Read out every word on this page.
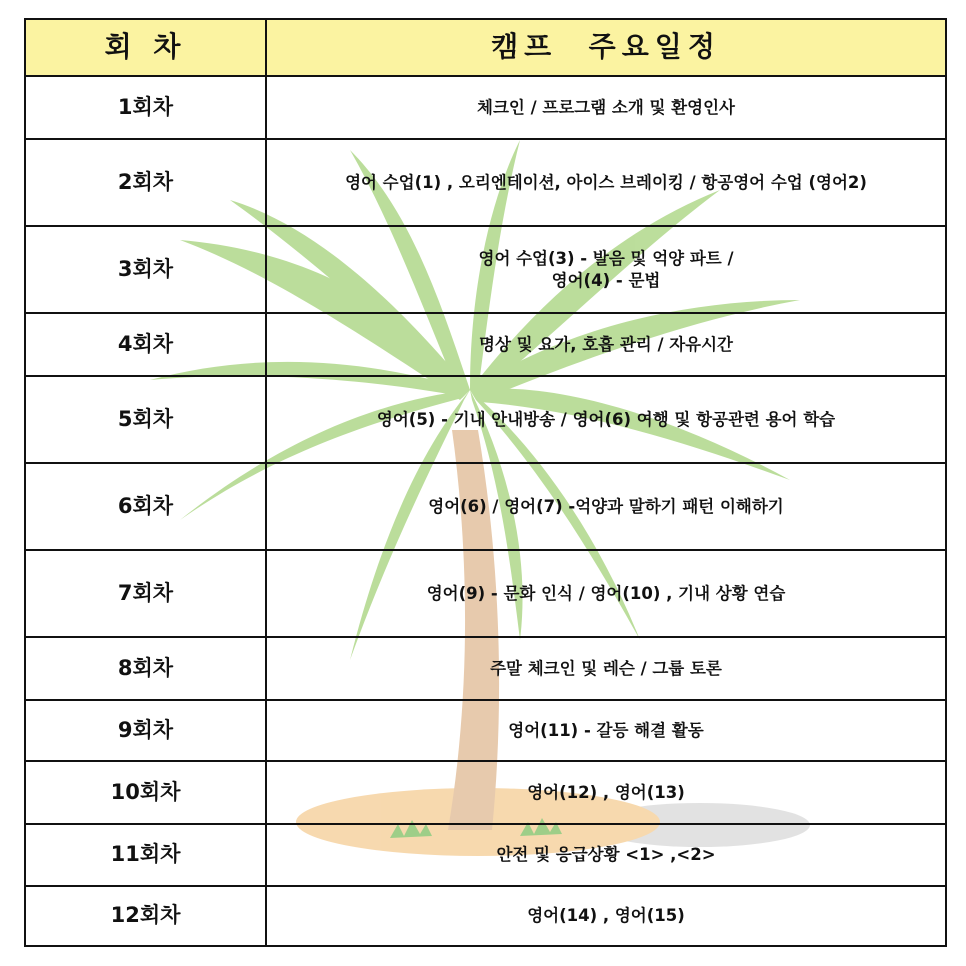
회 차	캠프  주요일정
1회차	체크인 / 프로그램 소개 및 환영인사
2회차	영어 수업(1) , 오리엔테이션, 아이스 브레이킹 / 항공영어 수업 (영어2)
3회차	영어 수업(3) - 발음 및 억양 파트 /
영어(4) - 문법

4회차	명상 및 요가, 호흡 관리 / 자유시간
5회차	영어(5) - 기내 안내방송 / 영어(6) 여행 및 항공관련 용어 학습
6회차	영어(6) / 영어(7) -억양과 말하기 패턴 이해하기
7회차	영어(9) - 문화 인식 / 영어(10) , 기내 상황 연습
8회차	주말 체크인 및 레슨 / 그룹 토론
9회차	영어(11) - 갈등 해결 활동
10회차	영어(12) , 영어(13)
11회차	안전 및 응급상황 <1> ,<2>
12회차	영어(14) , 영어(15)
